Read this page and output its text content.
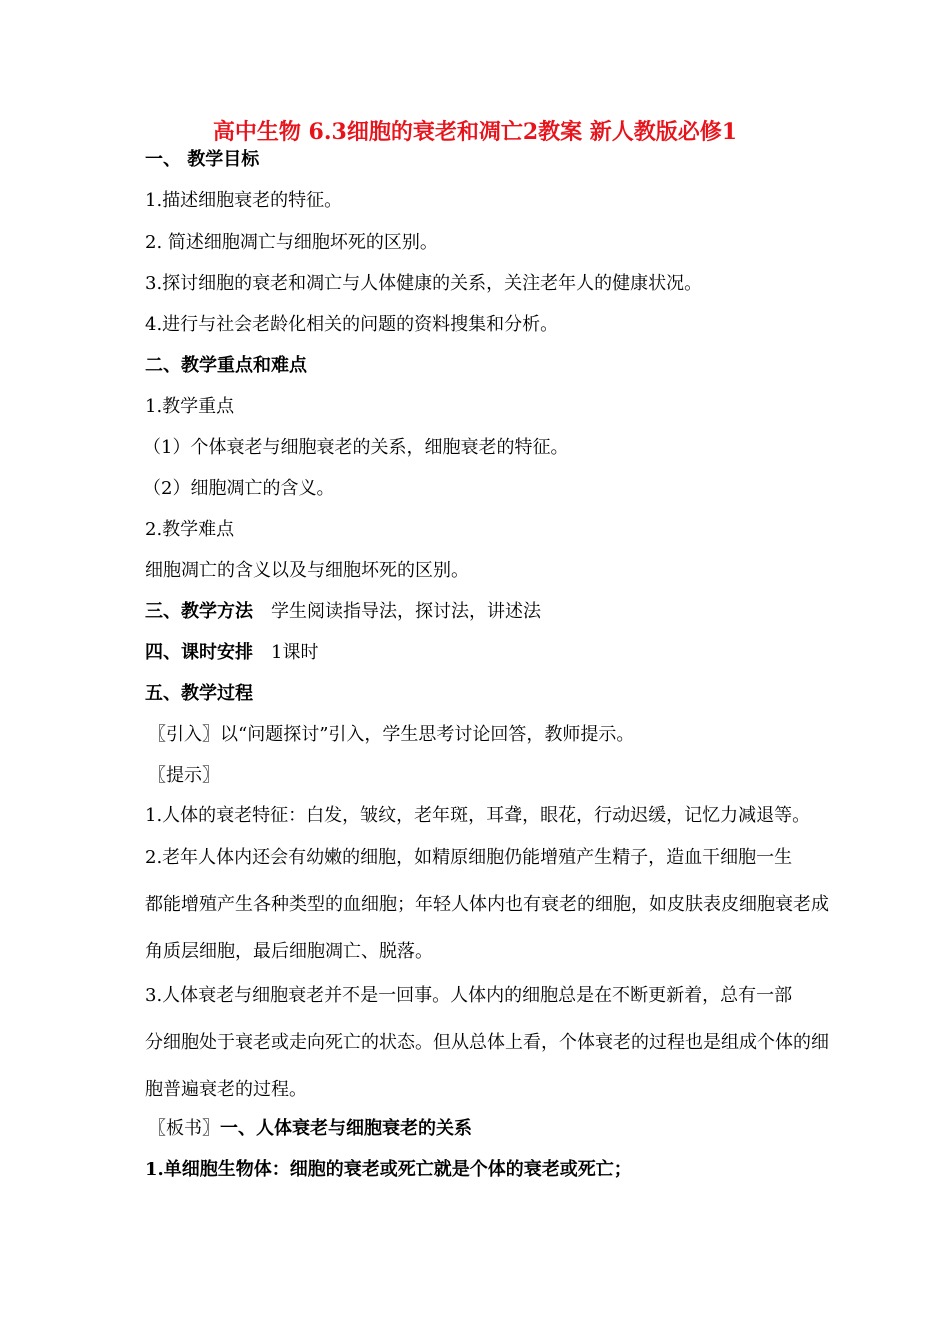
高中生物 6.3细胞的衰老和凋亡2教案 新人教版必修1
一、 教学目标
1.描述细胞衰老的特征。
2. 简述细胞凋亡与细胞坏死的区别。
3.探讨细胞的衰老和凋亡与人体健康的关系，关注老年人的健康状况。
4.进行与社会老龄化相关的问题的资料搜集和分析。
二、教学重点和难点
1.教学重点
（1）个体衰老与细胞衰老的关系，细胞衰老的特征。
（2）细胞凋亡的含义。
2.教学难点
细胞凋亡的含义以及与细胞坏死的区别。
三、教学方法 学生阅读指导法，探讨法，讲述法
四、课时安排 1课时
五、教学过程
〖引入〗以“问题探讨”引入，学生思考讨论回答，教师提示。
〖提示〗
1.人体的衰老特征：白发，皱纹，老年斑，耳聋，眼花，行动迟缓，记忆力减退等。
2.老年人体内还会有幼嫩的细胞，如精原细胞仍能增殖产生精子，造血干细胞一生
都能增殖产生各种类型的血细胞；年轻人体内也有衰老的细胞，如皮肤表皮细胞衰老成
角质层细胞，最后细胞凋亡、脱落。
3.人体衰老与细胞衰老并不是一回事。人体内的细胞总是在不断更新着，总有一部
分细胞处于衰老或走向死亡的状态。但从总体上看，个体衰老的过程也是组成个体的细
胞普遍衰老的过程。
〖板书〗一、人体衰老与细胞衰老的关系
1.单细胞生物体：细胞的衰老或死亡就是个体的衰老或死亡；
